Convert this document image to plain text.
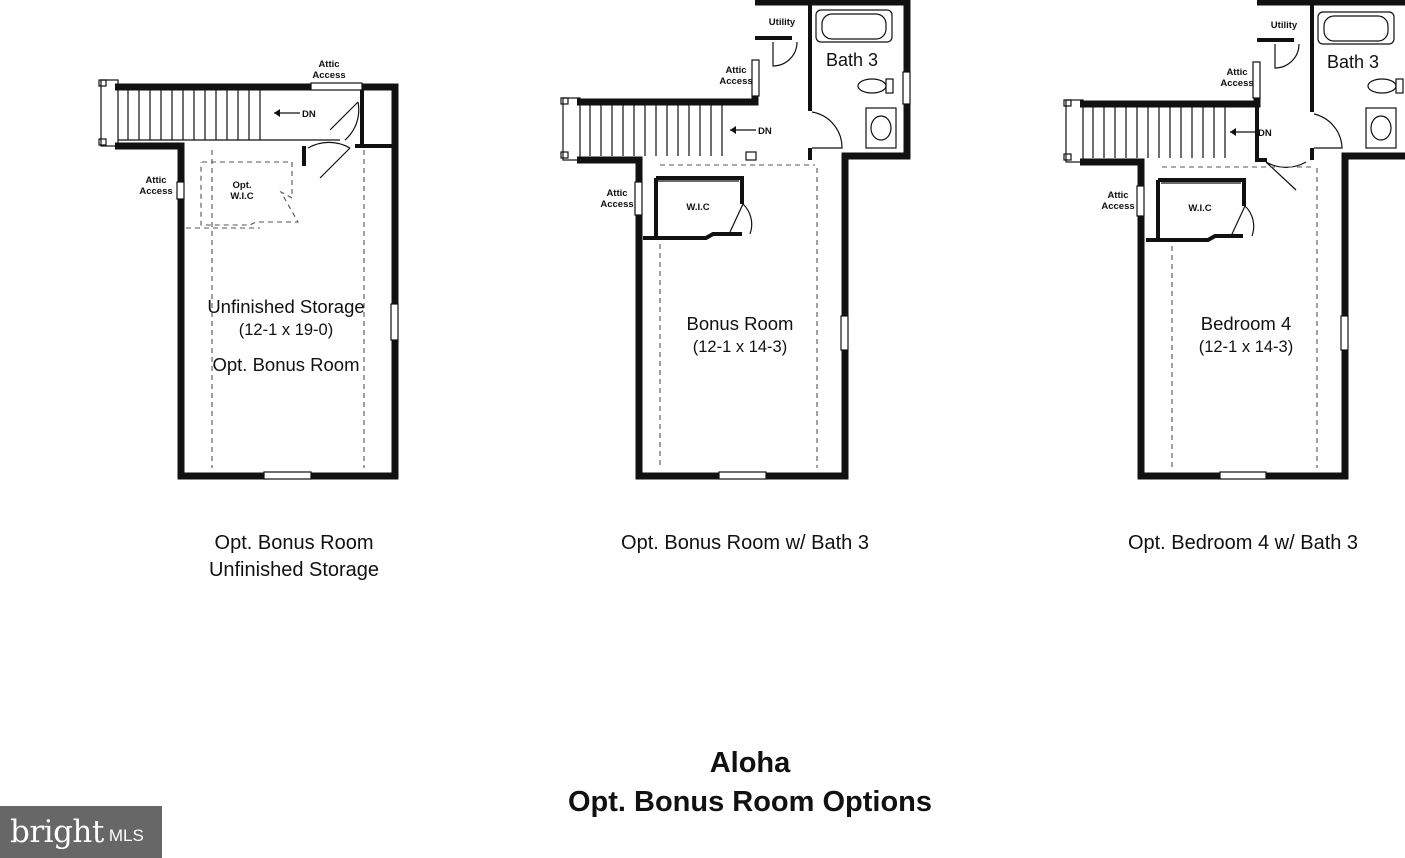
Attic
Access
Attic
Access
DN
Opt.
W.I.C
Unfinished Storage
(12-1 x 19-0)
Opt. Bonus Room
Opt. Bonus Room
Unfinished Storage
Utility
Bath 3
Attic
Access
Attic
Access
DN
W.I.C
Bonus Room
(12-1 x 14-3)
Opt. Bonus Room w/ Bath 3
Utility
Bath 3
Attic
Access
Attic
Access
DN
W.I.C
Bedroom 4
(12-1 x 14-3)
Opt. Bedroom 4 w/ Bath 3
Aloha
Opt. Bonus Room Options
bright MLS
